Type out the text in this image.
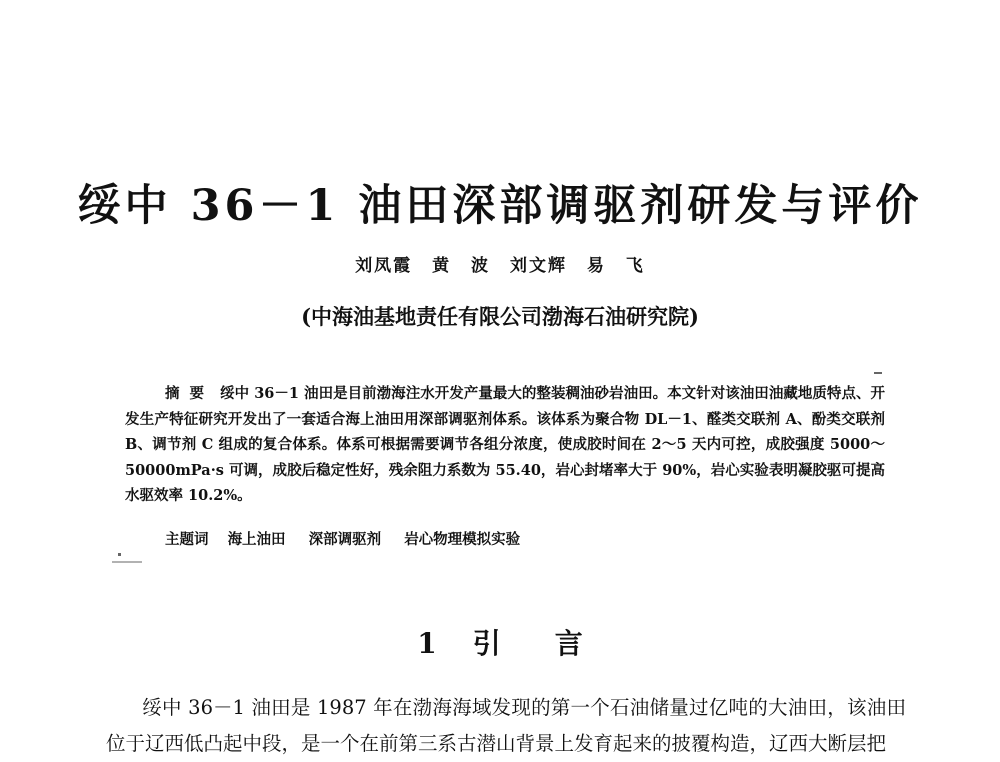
绥中 36－1 油田深部调驱剂研发与评价
刘凤霞 黄 波 刘文辉 易 飞
(中海油基地责任有限公司渤海石油研究院)
摘要 绥中 36－1 油田是目前渤海注水开发产量最大的整装稠油砂岩油田。本文针对该油田油藏地质特点、开发生产特征研究开发出了一套适合海上油田用深部调驱剂体系。该体系为聚合物 DL－1、醛类交联剂 A、酚类交联剂 B、调节剂 C 组成的复合体系。体系可根据需要调节各组分浓度，使成胶时间在 2～5 天内可控，成胶强度 5000～50000mPa·s 可调，成胶后稳定性好，残余阻力系数为 55.40，岩心封堵率大于 90%，岩心实验表明凝胶驱可提高水驱效率 10.2%。
主题词 海上油田 深部调驱剂 岩心物理模拟实验
1 引 言
绥中 36－1 油田是 1987 年在渤海海域发现的第一个石油储量过亿吨的大油田，该油田位于辽西低凸起中段，是一个在前第三系古潜山背景上发育起来的披覆构造，辽西大断层把
